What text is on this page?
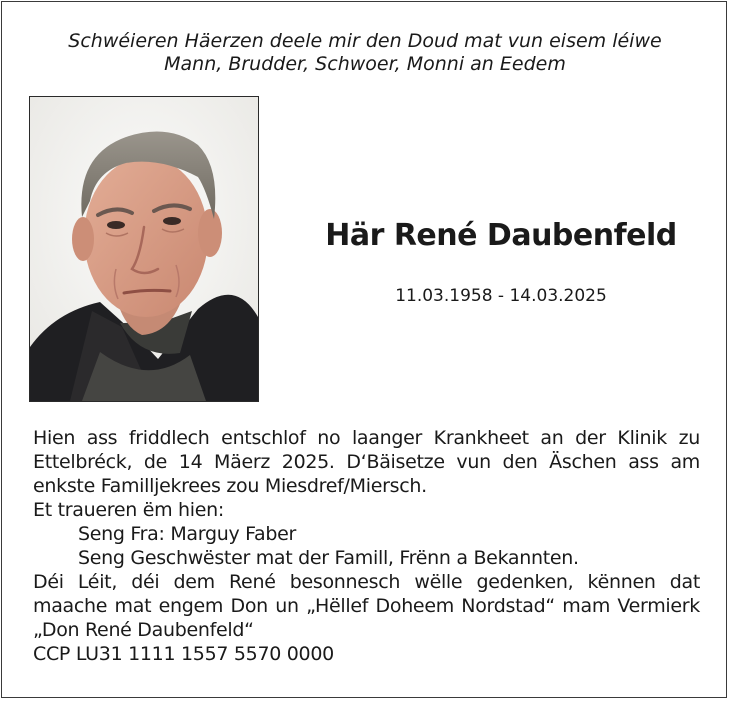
Schwéieren Häerzen deele mir den Doud mat vun eisem léiwe
Mann, Brudder, Schwoer, Monni an Eedem
Här René Daubenfeld
11.03.1958 - 14.03.2025

Hien ass friddlech entschlof no laanger Krankheet an der Klinik zu Ettelbréck, de 14 Mäerz 2025. D‘Bäisetze vun den Äschen ass am enkste Familljekrees zou Miesdref/Miersch.

Et traueren ëm hien:
Seng Fra: Marguy Faber
Seng Geschwëster mat der Famill, Frënn a Bekannten.

Déi Léit, déi dem René besonnesch wëlle gedenken, kënnen dat maache mat engem Don un „Hëllef Doheem Nordstad“ mam Vermierk „Don René Daubenfeld“

CCP LU31 1111 1557 5570 0000
